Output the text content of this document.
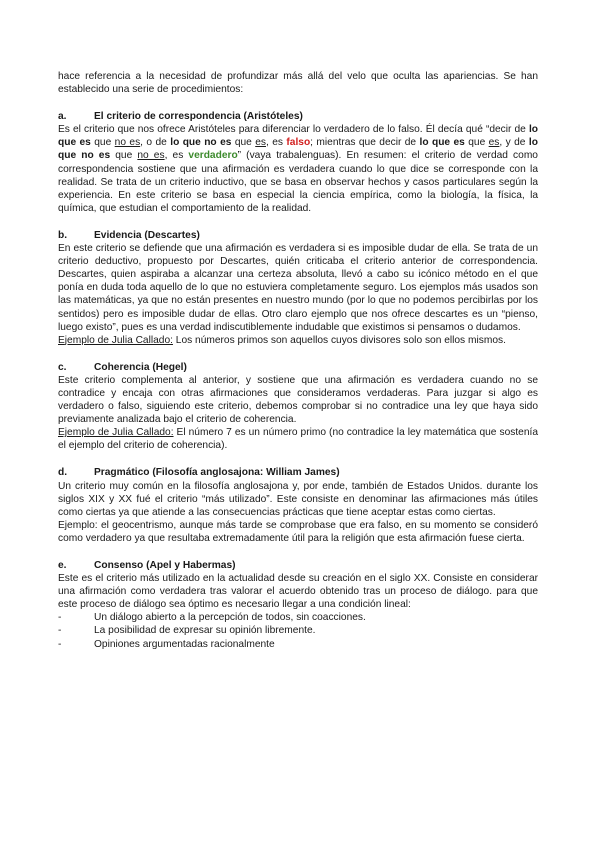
hace referencia a la necesidad de profundizar más allá del velo que oculta las apariencias. Se han establecido una serie de procedimientos:

a.	El criterio de correspondencia (Aristóteles)

Es el criterio que nos ofrece Aristóteles para diferenciar lo verdadero de lo falso. Él decía qué “decir de lo que es que no es, o de lo que no es que es, es falso; mientras que decir de lo que es que es, y de lo que no es que no es, es verdadero” (vaya trabalenguas). En resumen: el criterio de verdad como correspondencia sostiene que una afirmación es verdadera cuando lo que dice se corresponde con la realidad. Se trata de un criterio inductivo, que se basa en observar hechos y casos particulares según la experiencia. En este criterio se basa en especial la ciencia empírica, como la biología, la física, la química, que estudian el comportamiento de la realidad.

b.	Evidencia (Descartes)

En este criterio se defiende que una afirmación es verdadera si es imposible dudar de ella. Se trata de un criterio deductivo, propuesto por Descartes, quién criticaba el criterio anterior de correspondencia. Descartes, quien aspiraba a alcanzar una certeza absoluta, llevó a cabo su icónico método en el que ponía en duda toda aquello de lo que no estuviera completamente seguro. Los ejemplos más usados son las matemáticas, ya que no están presentes en nuestro mundo (por lo que no podemos percibirlas por los sentidos) pero es imposible dudar de ellas. Otro claro ejemplo que nos ofrece descartes es un “pienso, luego existo”, pues es una verdad indiscutiblemente indudable que existimos si pensamos o dudamos.

Ejemplo de Julia Callado: Los números primos son aquellos cuyos divisores solo son ellos mismos.

c.	Coherencia (Hegel)

Este criterio complementa al anterior, y sostiene que una afirmación es verdadera cuando no se contradice y encaja con otras afirmaciones que consideramos verdaderas. Para juzgar si algo es verdadero o falso, siguiendo este criterio, debemos comprobar si no contradice una ley que haya sido previamente analizada bajo el criterio de coherencia.

Ejemplo de Julia Callado: El número 7 es un número primo (no contradice la ley matemática que sostenía el ejemplo del criterio de coherencia).

d.	Pragmático (Filosofía anglosajona: William James)

Un criterio muy común en la filosofía anglosajona y, por ende, también de Estados Unidos. durante los siglos XIX y XX fué el criterio “más utilizado”. Este consiste en denominar las afirmaciones más útiles como ciertas ya que atiende a las consecuencias prácticas que tiene aceptar estas como ciertas.

Ejemplo: el geocentrismo, aunque más tarde se comprobase que era falso, en su momento se consideró como verdadero ya que resultaba extremadamente útil para la religión que esta afirmación fuese cierta.

e.	Consenso (Apel y Habermas)

Este es el criterio más utilizado en la actualidad desde su creación en el siglo XX. Consiste en considerar una afirmación como verdadera tras valorar el acuerdo obtenido tras un proceso de diálogo. para que este proceso de diálogo sea óptimo es necesario llegar a una condición lineal:

-	Un diálogo abierto a la percepción de todos, sin coacciones.
-	La posibilidad de expresar su opinión libremente.
-	Opiniones argumentadas racionalmente
